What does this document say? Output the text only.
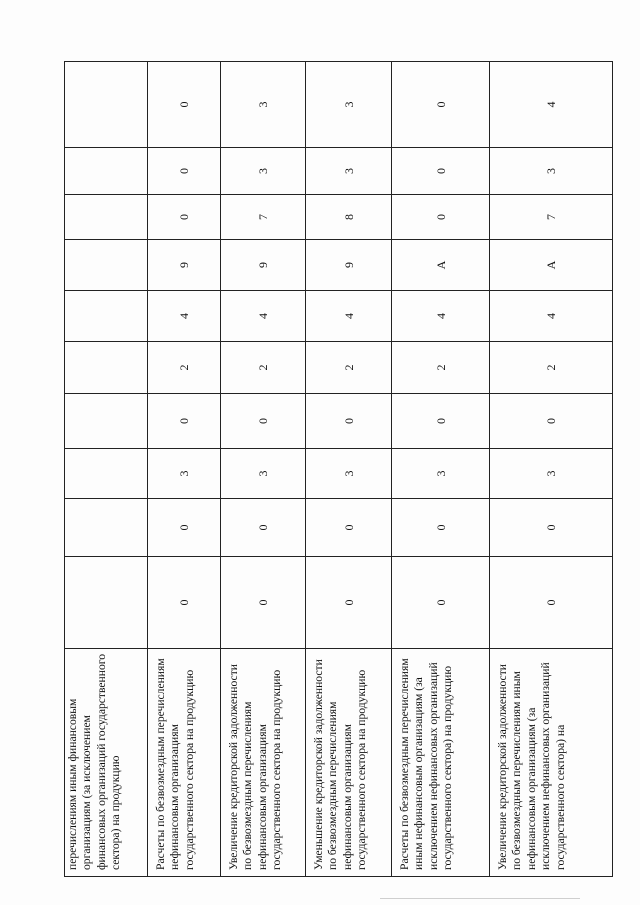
перечислениям иным финансовым организациям (за исключением финансовых организаций государственного сектора) на продукцию										
Расчеты по безвозмездным перечислениям нефинансовым организациям государственного сектора на продукцию	0	0	3	0	2	4	9	0	0	0
Увеличение кредиторской задолженности по безвозмездным перечислениям нефинансовым организациям государственного сектора на продукцию	0	0	3	0	2	4	9	7	3	3
Уменьшение кредиторской задолженности по безвозмездным перечислениям нефинансовым организациям государственного сектора на продукцию	0	0	3	0	2	4	9	8	3	3
Расчеты по безвозмездным перечислениям иным нефинансовым организациям (за исключением нефинансовых организаций государственного сектора) на продукцию	0	0	3	0	2	4	A	0	0	0
Увеличение кредиторской задолженности по безвозмездным перечислениям иным нефинансовым организациям (за исключением нефинансовых организаций государственного сектора) на	0	0	3	0	2	4	A	7	3	4
